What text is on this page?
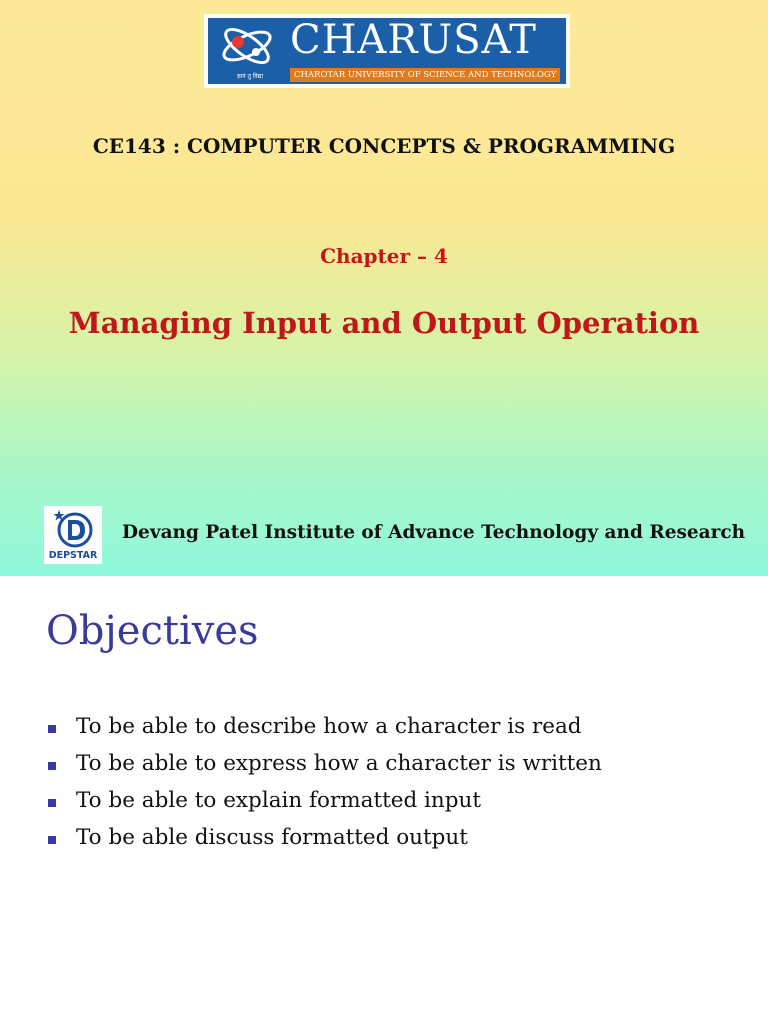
ज्ञानं तु विद्या
CHARUSAT
CHAROTAR UNIVERSITY OF SCIENCE AND TECHNOLOGY
CE143 : COMPUTER CONCEPTS & PROGRAMMING
Chapter – 4
Managing Input and Output Operation
DEPSTAR
Devang Patel Institute of Advance Technology and Research
Objectives
To be able to describe how a character is read
To be able to express how a character is written
To be able to explain formatted input
To be able discuss formatted output
